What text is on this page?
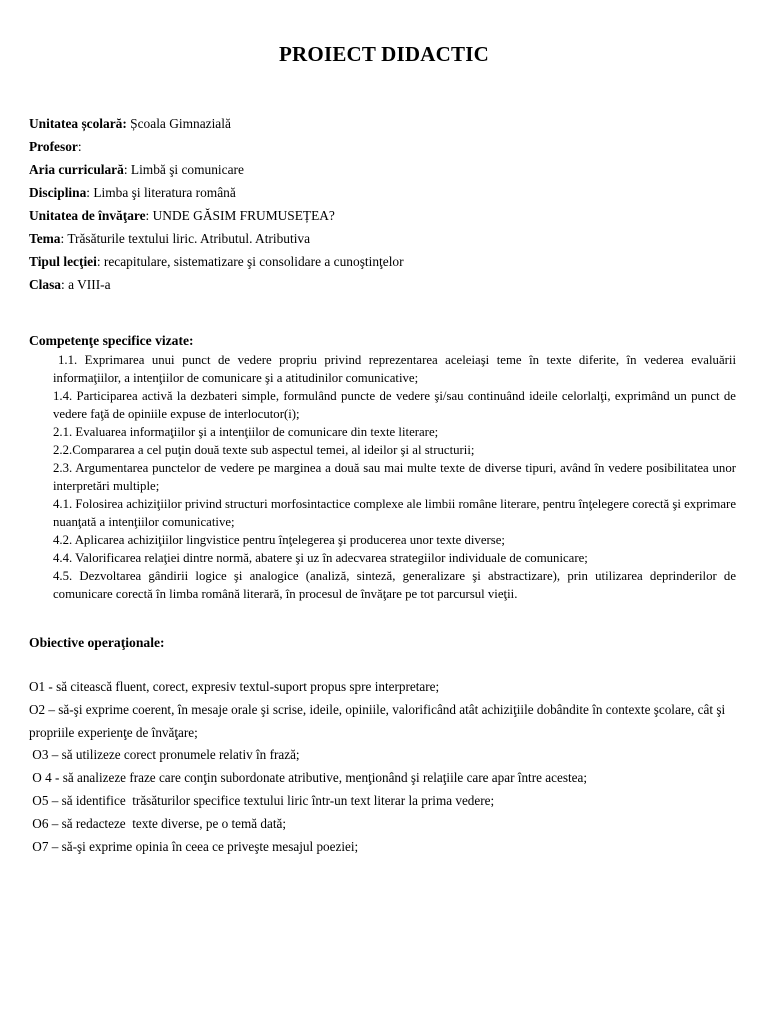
PROIECT DIDACTIC
Unitatea școlară: Școala Gimnazială
Profesor:
Aria curriculară: Limbă şi comunicare
Disciplina: Limba şi literatura română
Unitatea de învăţare: UNDE GĂSIM FRUMUSEȚEA?
Tema: Trăsăturile textului liric. Atributul. Atributiva
Tipul lecţiei: recapitulare, sistematizare şi consolidare a cunoştinţelor
Clasa: a VIII-a
Competenţe specifice vizate:

1.1. Exprimarea unui punct de vedere propriu privind reprezentarea aceleiaşi teme în texte diferite, în vederea evaluării informaţiilor, a intenţiilor de comunicare şi a atitudinilor comunicative;

1.4. Participarea activă la dezbateri simple, formulând puncte de vedere şi/sau continuând ideile celorlalţi, exprimând un punct de vedere faţă de opiniile expuse de interlocutor(i);

2.1. Evaluarea informaţiilor şi a intenţiilor de comunicare din texte literare;

2.2.Compararea a cel puţin două texte sub aspectul temei, al ideilor şi al structurii;

2.3. Argumentarea punctelor de vedere pe marginea a două sau mai multe texte de diverse tipuri, având în vedere posibilitatea unor interpretări multiple;

4.1. Folosirea achiziţiilor privind structuri morfosintactice complexe ale limbii române literare, pentru înţelegere corectă şi exprimare nuanţată a intenţiilor comunicative;

4.2. Aplicarea achiziţiilor lingvistice pentru înţelegerea şi producerea unor texte diverse;

4.4. Valorificarea relaţiei dintre normă, abatere şi uz în adecvarea strategiilor individuale de comunicare;

4.5. Dezvoltarea gândirii logice şi analogice (analiză, sinteză, generalizare şi abstractizare), prin utilizarea deprinderilor de comunicare corectă în limba română literară, în procesul de învăţare pe tot parcursul vieţii.

Obiective operaţionale:

O1 - să citească fluent, corect, expresiv textul-suport propus spre interpretare;

O2 – să-şi exprime coerent, în mesaje orale şi scrise, ideile, opiniile, valorificând atât achiziţiile dobândite în contexte şcolare, cât şi propriile experienţe de învăţare;

O3 – să utilizeze corect pronumele relativ în frază;

O 4 - să analizeze fraze care conţin subordonate atributive, menţionând şi relaţiile care apar între acestea;

O5 – să identifice  trăsăturilor specifice textului liric într-un text literar la prima vedere;

O6 – să redacteze  texte diverse, pe o temă dată;

O7 – să-şi exprime opinia în ceea ce priveşte mesajul poeziei;
